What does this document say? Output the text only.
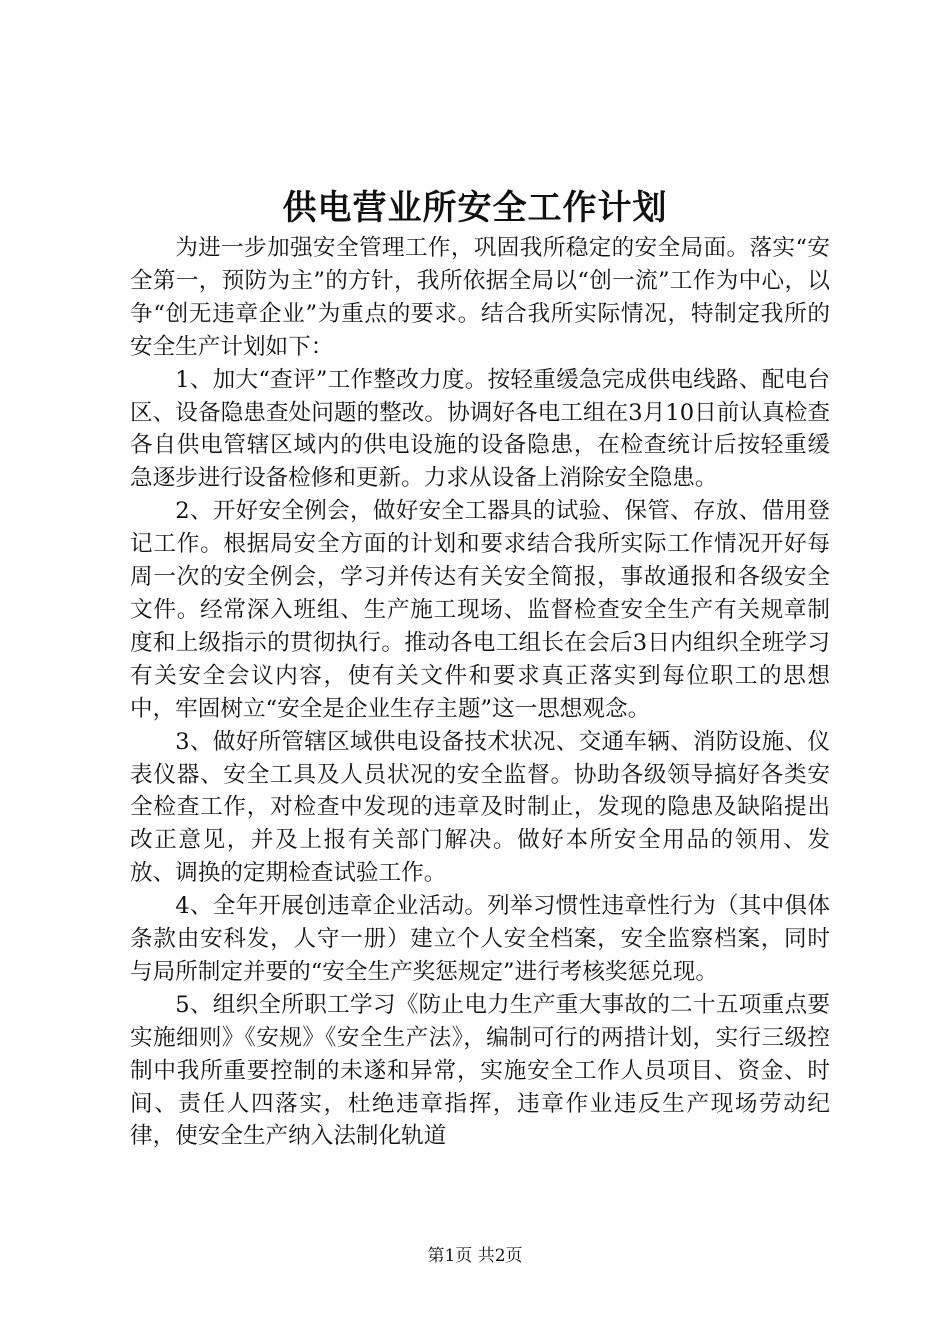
供电营业所安全工作计划

为进一步加强安全管理工作，巩固我所稳定的安全局面。落实“安全第一，预防为主”的方针，我所依据全局以“创一流”工作为中心，以争“创无违章企业”为重点的要求。结合我所实际情况，特制定我所的安全生产计划如下：

1、加大“查评”工作整改力度。按轻重缓急完成供电线路、配电台区、设备隐患查处问题的整改。协调好各电工组在3月10日前认真检查各自供电管辖区域内的供电设施的设备隐患，在检查统计后按轻重缓急逐步进行设备检修和更新。力求从设备上消除安全隐患。

2、开好安全例会，做好安全工器具的试验、保管、存放、借用登记工作。根据局安全方面的计划和要求结合我所实际工作情况开好每周一次的安全例会，学习并传达有关安全简报，事故通报和各级安全文件。经常深入班组、生产施工现场、监督检查安全生产有关规章制度和上级指示的贯彻执行。推动各电工组长在会后3日内组织全班学习有关安全会议内容，使有关文件和要求真正落实到每位职工的思想中，牢固树立“安全是企业生存主题”这一思想观念。

3、做好所管辖区域供电设备技术状况、交通车辆、消防设施、仪表仪器、安全工具及人员状况的安全监督。协助各级领导搞好各类安全检查工作，对检查中发现的违章及时制止，发现的隐患及缺陷提出改正意见，并及上报有关部门解决。做好本所安全用品的领用、发放、调换的定期检查试验工作。

4、全年开展创违章企业活动。列举习惯性违章性行为（其中俱体条款由安科发，人守一册）建立个人安全档案，安全监察档案，同时与局所制定并要的“安全生产奖惩规定”进行考核奖惩兑现。

5、组织全所职工学习《防止电力生产重大事故的二十五项重点要实施细则》《安规》《安全生产法》，编制可行的两措计划，实行三级控制中我所重要控制的未遂和异常，实施安全工作人员项目、资金、时间、责任人四落实，杜绝违章指挥，违章作业违反生产现场劳动纪律，使安全生产纳入法制化轨道

第1页 共2页
